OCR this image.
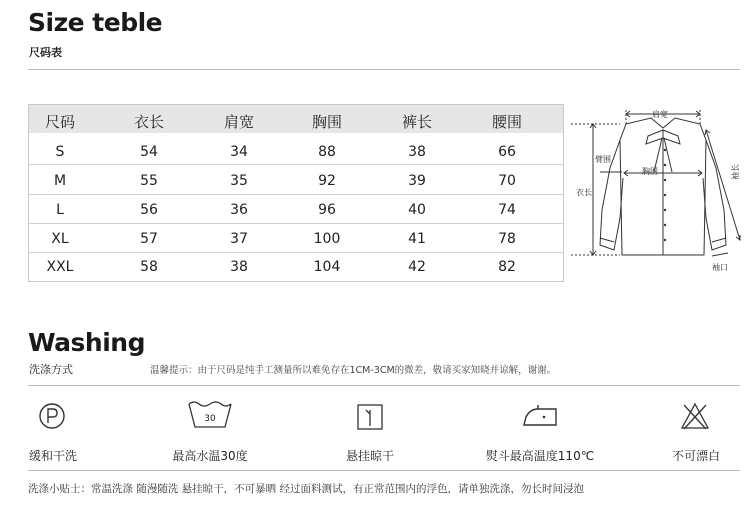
Size teble
尺码表
尺码	衣长	肩宽	胸围	裤长	腰围
S	54	34	88	38	66
M	55	35	92	39	70
L	56	36	96	40	74
XL	57	37	100	41	78
XXL	58	38	104	42	82
肩宽
臂围
胸围
衣长
袖长
袖口
Washing
洗涤方式	温馨提示：由于尺码是纯手工测量所以难免存在1CM-3CM的微差，敬请买家知晓并谅解，谢谢。
缓和干洗
30
最高水温30度	悬挂晾干	熨斗最高温度110℃	不可漂白
洗涤小贴士：常温洗涤 随漫随洗 悬挂晾干，不可暴晒 经过面料测试，有正常范围内的浮色，请单独洗涤，勿长时间浸泡
